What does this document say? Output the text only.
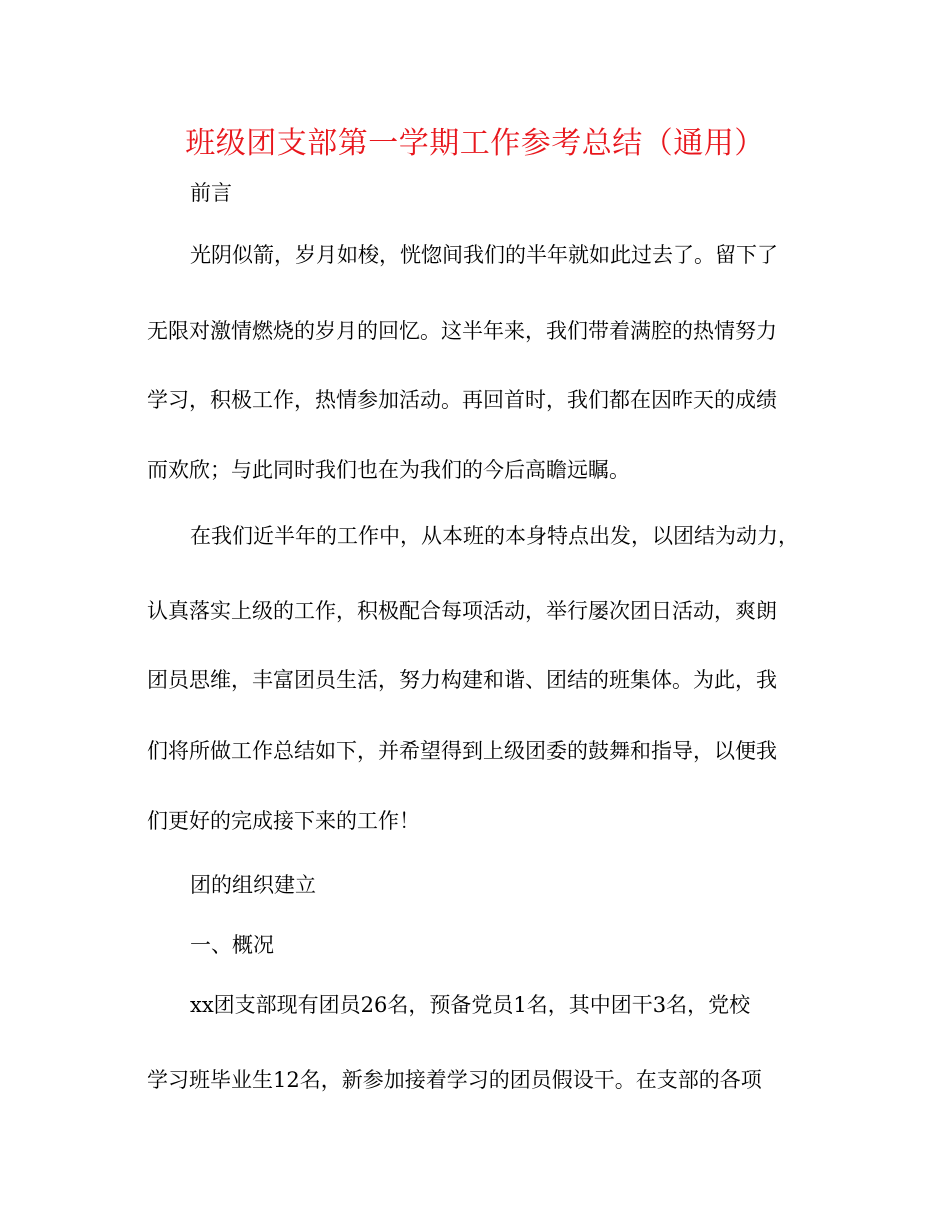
班级团支部第一学期工作参考总结（通用）
前言
光阴似箭，岁月如梭，恍惚间我们的半年就如此过去了。留下了
无限对激情燃烧的岁月的回忆。这半年来，我们带着满腔的热情努力
学习，积极工作，热情参加活动。再回首时，我们都在因昨天的成绩
而欢欣；与此同时我们也在为我们的今后高瞻远瞩。
在我们近半年的工作中，从本班的本身特点出发，以团结为动力，
认真落实上级的工作，积极配合每项活动，举行屡次团日活动，爽朗
团员思维，丰富团员生活，努力构建和谐、团结的班集体。为此，我
们将所做工作总结如下，并希望得到上级团委的鼓舞和指导，以便我
们更好的完成接下来的工作！
团的组织建立
一、概况
xx团支部现有团员26名，预备党员1名，其中团干3名，党校
学习班毕业生12名，新参加接着学习的团员假设干。在支部的各项
